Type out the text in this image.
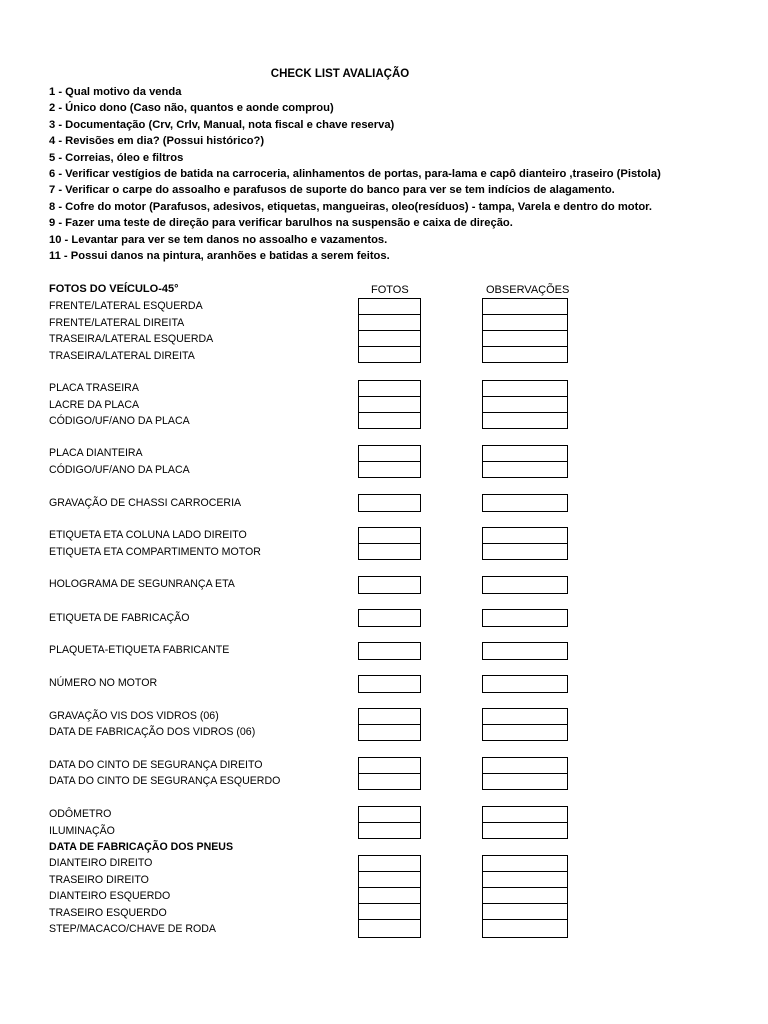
CHECK LIST AVALIAÇÃO
1 - Qual motivo da venda
2 - Único dono (Caso não, quantos e aonde comprou)
3 - Documentação (Crv, Crlv, Manual, nota fiscal e chave reserva)
4 - Revisões em dia? (Possui histórico?)
5 - Correias, óleo e filtros
6 - Verificar vestígios de batida na carroceria, alinhamentos de portas, para-lama e capô dianteiro ,traseiro (Pistola)
7 - Verificar o carpe do assoalho e parafusos de suporte do banco para ver se tem indícios de alagamento.
8 - Cofre do motor (Parafusos, adesivos, etiquetas, mangueiras, oleo(resíduos) - tampa, Varela e dentro do motor.
9 - Fazer uma teste de direção para verificar barulhos na suspensão e caixa de direção.
10 - Levantar para ver se tem danos no assoalho e vazamentos.
11 - Possui danos na pintura, aranhões e batidas a serem feitos.
FOTOS DO VEÍCULO-45°	FOTOS	OBSERVAÇÕES
FRENTE/LATERAL ESQUERDA
FRENTE/LATERAL DIREITA
TRASEIRA/LATERAL ESQUERDA
TRASEIRA/LATERAL DIREITA
PLACA TRASEIRA
LACRE DA PLACA
CÓDIGO/UF/ANO DA PLACA
PLACA DIANTEIRA
CÓDIGO/UF/ANO DA PLACA
GRAVAÇÃO DE CHASSI CARROCERIA
ETIQUETA ETA COLUNA LADO DIREITO
ETIQUETA ETA COMPARTIMENTO MOTOR
HOLOGRAMA DE SEGUNRANÇA ETA
ETIQUETA DE FABRICAÇÃO
PLAQUETA-ETIQUETA FABRICANTE
NÚMERO NO MOTOR
GRAVAÇÃO VIS DOS VIDROS (06)
DATA DE FABRICAÇÃO DOS VIDROS (06)
DATA DO CINTO DE SEGURANÇA DIREITO
DATA DO CINTO DE SEGURANÇA ESQUERDO
ODÔMETRO
ILUMINAÇÃO
DATA DE FABRICAÇÃO DOS PNEUS
DIANTEIRO DIREITO
TRASEIRO DIREITO
DIANTEIRO ESQUERDO
TRASEIRO ESQUERDO
STEP/MACACO/CHAVE DE RODA
